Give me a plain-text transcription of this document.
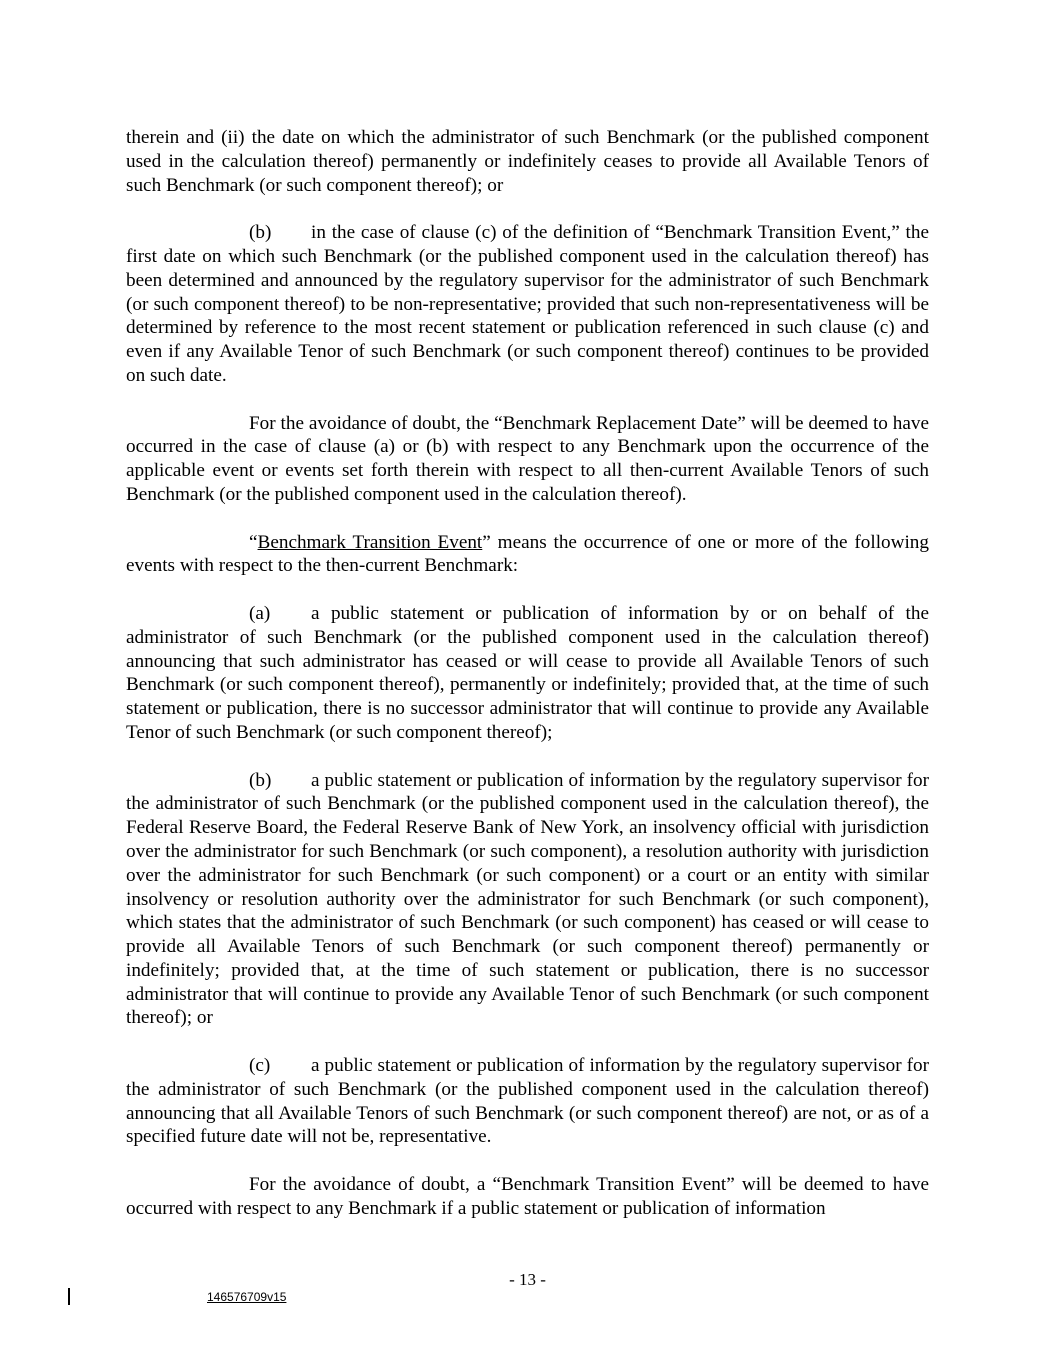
therein and (ii) the date on which the administrator of such Benchmark (or the published component used in the calculation thereof) permanently or indefinitely ceases to provide all Available Tenors of such Benchmark (or such component thereof); or

(b) in the case of clause (c) of the definition of “Benchmark Transition Event,” the first date on which such Benchmark (or the published component used in the calculation thereof) has been determined and announced by the regulatory supervisor for the administrator of such Benchmark (or such component thereof) to be non-representative; provided that such non-representativeness will be determined by reference to the most recent statement or publication referenced in such clause (c) and even if any Available Tenor of such Benchmark (or such component thereof) continues to be provided on such date.

For the avoidance of doubt, the “Benchmark Replacement Date” will be deemed to have occurred in the case of clause (a) or (b) with respect to any Benchmark upon the occurrence of the applicable event or events set forth therein with respect to all then-current Available Tenors of such Benchmark (or the published component used in the calculation thereof).

“Benchmark Transition Event” means the occurrence of one or more of the following events with respect to the then-current Benchmark:

(a) a public statement or publication of information by or on behalf of the administrator of such Benchmark (or the published component used in the calculation thereof) announcing that such administrator has ceased or will cease to provide all Available Tenors of such Benchmark (or such component thereof), permanently or indefinitely; provided that, at the time of such statement or publication, there is no successor administrator that will continue to provide any Available Tenor of such Benchmark (or such component thereof);

(b) a public statement or publication of information by the regulatory supervisor for the administrator of such Benchmark (or the published component used in the calculation thereof), the Federal Reserve Board, the Federal Reserve Bank of New York, an insolvency official with jurisdiction over the administrator for such Benchmark (or such component), a resolution authority with jurisdiction over the administrator for such Benchmark (or such component) or a court or an entity with similar insolvency or resolution authority over the administrator for such Benchmark (or such component), which states that the administrator of such Benchmark (or such component) has ceased or will cease to provide all Available Tenors of such Benchmark (or such component thereof) permanently or indefinitely; provided that, at the time of such statement or publication, there is no successor administrator that will continue to provide any Available Tenor of such Benchmark (or such component thereof); or

(c) a public statement or publication of information by the regulatory supervisor for the administrator of such Benchmark (or the published component used in the calculation thereof) announcing that all Available Tenors of such Benchmark (or such component thereof) are not, or as of a specified future date will not be, representative.

For the avoidance of doubt, a “Benchmark Transition Event” will be deemed to have occurred with respect to any Benchmark if a public statement or publication of information

- 13 -
146576709v15
